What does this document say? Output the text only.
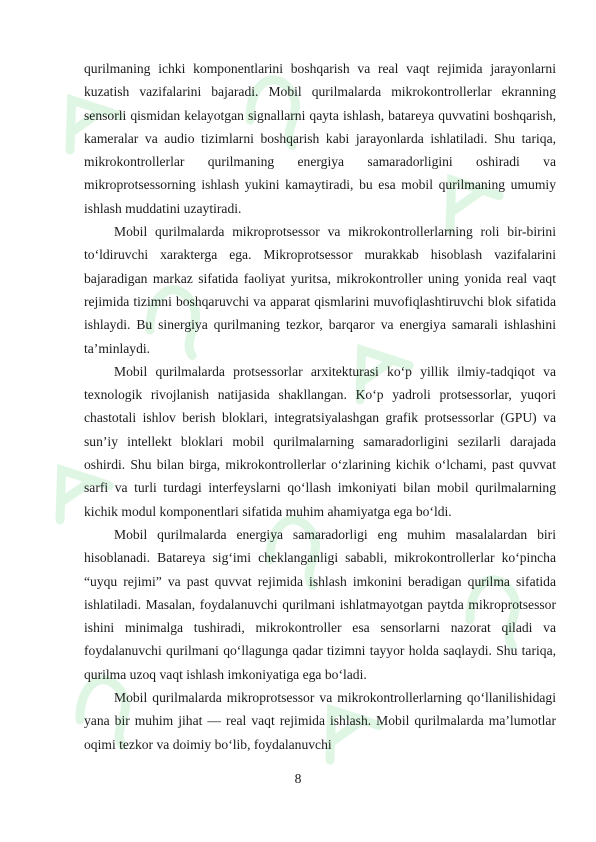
qurilmaning ichki komponentlarini boshqarish va real vaqt rejimida jarayonlarni kuzatish vazifalarini bajaradi. Mobil qurilmalarda mikrokontrollerlar ekranning sensorli qismidan kelayotgan signallarni qayta ishlash, batareya quvvatini boshqarish, kameralar va audio tizimlarni boshqarish kabi jarayonlarda ishlatiladi. Shu tariqa, mikrokontrollerlar qurilmaning energiya samaradorligini oshiradi va mikroprotsessorning ishlash yukini kamaytiradi, bu esa mobil qurilmaning umumiy ishlash muddatini uzaytiradi.

Mobil qurilmalarda mikroprotsessor va mikrokontrollerlarning roli bir-birini to‘ldiruvchi xarakterga ega. Mikroprotsessor murakkab hisoblash vazifalarini bajaradigan markaz sifatida faoliyat yuritsa, mikrokontroller uning yonida real vaqt rejimida tizimni boshqaruvchi va apparat qismlarini muvofiqlashtiruvchi blok sifatida ishlaydi. Bu sinergiya qurilmaning tezkor, barqaror va energiya samarali ishlashini ta’minlaydi.

Mobil qurilmalarda protsessorlar arxitekturasi ko‘p yillik ilmiy-tadqiqot va texnologik rivojlanish natijasida shakllangan. Ko‘p yadroli protsessorlar, yuqori chastotali ishlov berish bloklari, integratsiyalashgan grafik protsessorlar (GPU) va sun’iy intellekt bloklari mobil qurilmalarning samaradorligini sezilarli darajada oshirdi. Shu bilan birga, mikrokontrollerlar o‘zlarining kichik o‘lchami, past quvvat sarfi va turli turdagi interfeyslarni qo‘llash imkoniyati bilan mobil qurilmalarning kichik modul komponentlari sifatida muhim ahamiyatga ega bo‘ldi.

Mobil qurilmalarda energiya samaradorligi eng muhim masalalardan biri hisoblanadi. Batareya sig‘imi cheklanganligi sababli, mikrokontrollerlar ko‘pincha “uyqu rejimi” va past quvvat rejimida ishlash imkonini beradigan qurilma sifatida ishlatiladi. Masalan, foydalanuvchi qurilmani ishlatmayotgan paytda mikroprotsessor ishini minimalga tushiradi, mikrokontroller esa sensorlarni nazorat qiladi va foydalanuvchi qurilmani qo‘llagunga qadar tizimni tayyor holda saqlaydi. Shu tariqa, qurilma uzoq vaqt ishlash imkoniyatiga ega bo‘ladi.

Mobil qurilmalarda mikroprotsessor va mikrokontrollerlarning qo‘llanilishidagi yana bir muhim jihat — real vaqt rejimida ishlash. Mobil qurilmalarda ma’lumotlar oqimi tezkor va doimiy bo‘lib, foydalanuvchi

8
